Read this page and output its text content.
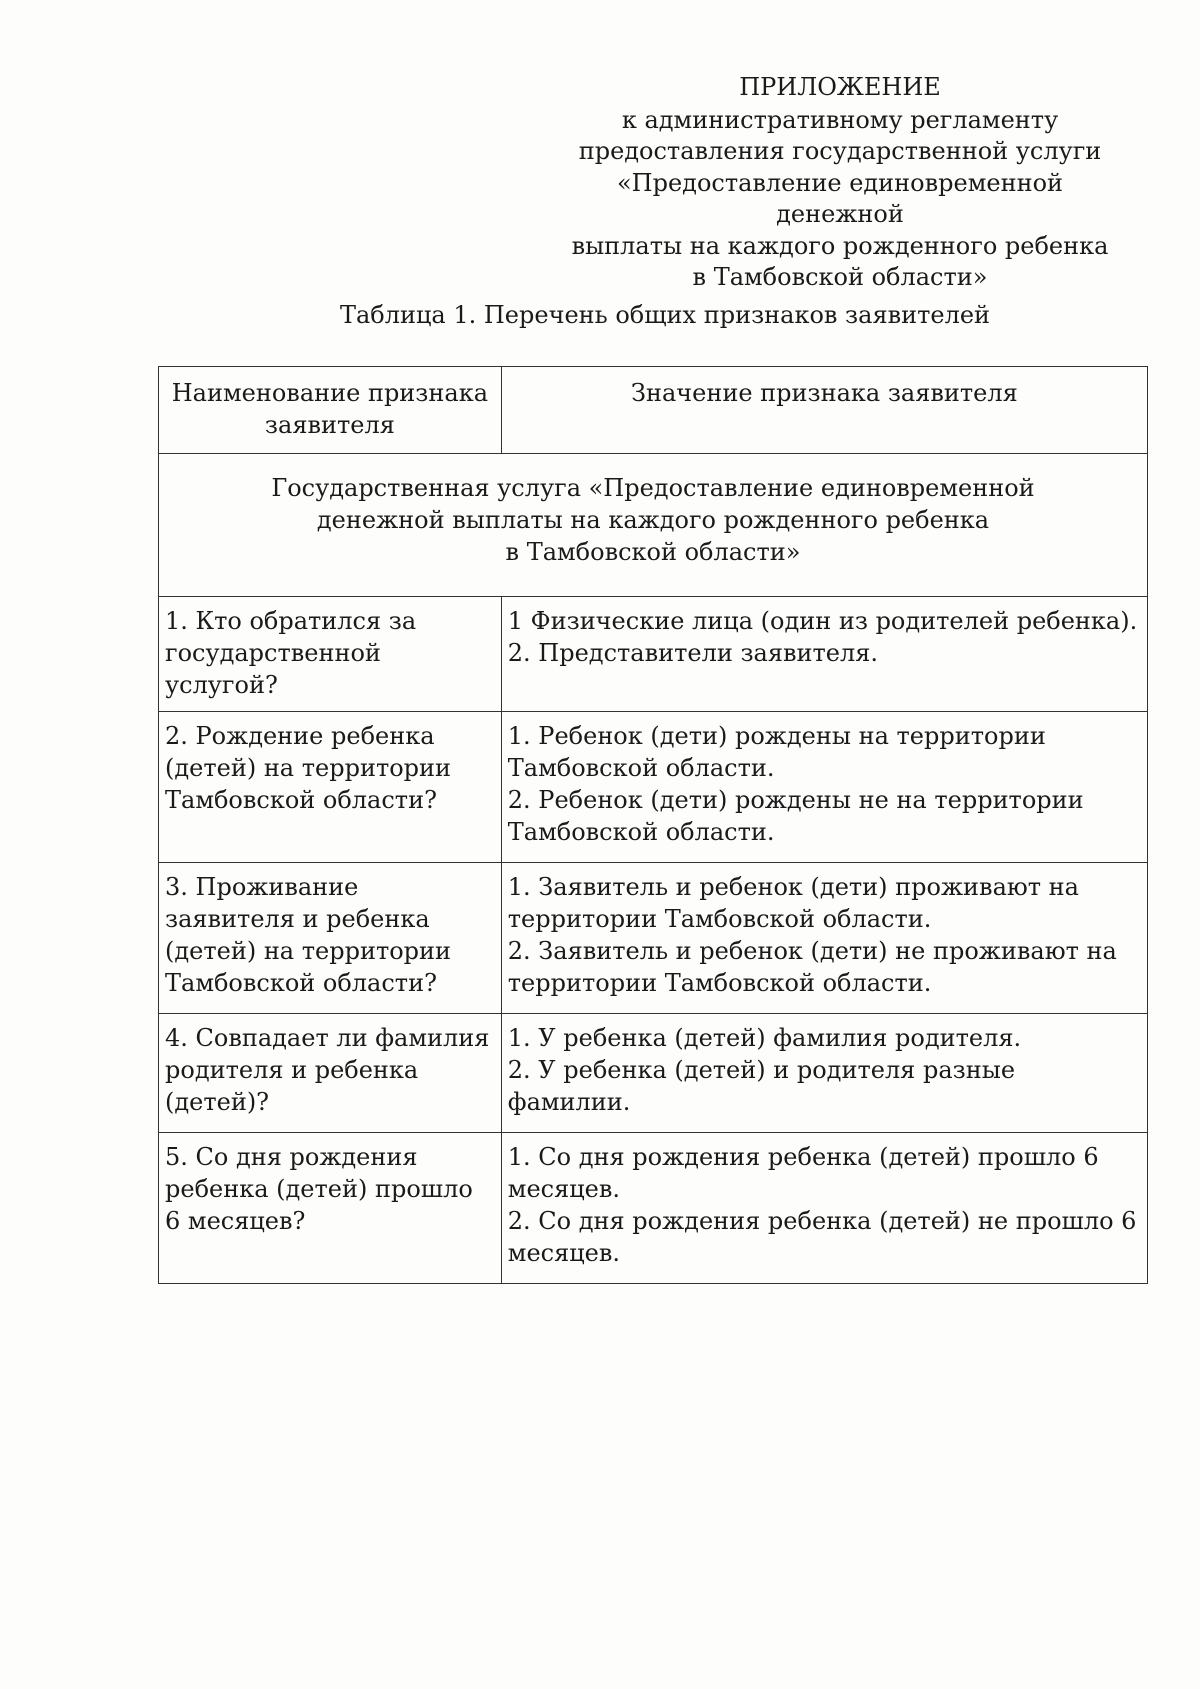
ПРИЛОЖЕНИЕ
к административному регламенту
предоставления государственной услуги
«Предоставление единовременной денежной
выплаты на каждого рожденного ребенка
в Тамбовской области»
Таблица 1. Перечень общих признаков заявителей
Наименование признака заявителя	Значение признака заявителя

Государственная услуга «Предоставление единовременной
денежной выплаты на каждого рожденного ребенка
в Тамбовской области»	

1. Кто обратился за государственной услугой?	1 Физические лица (один из родителей ребенка).
2. Представители заявителя.

2. Рождение ребенка (детей) на территории Тамбовской области?	1. Ребенок (дети) рождены на территории Тамбовской области.
2. Ребенок (дети) рождены не на территории Тамбовской области.

3. Проживание заявителя и ребенка (детей) на территории Тамбовской области?	1. Заявитель и ребенок (дети) проживают на территории Тамбовской области.
2. Заявитель и ребенок (дети) не проживают на территории Тамбовской области.

4. Совпадает ли фамилия родителя и ребенка (детей)?	1. У ребенка (детей) фамилия родителя.
2. У ребенка (детей) и родителя разные фамилии.

5. Со дня рождения ребенка (детей) прошло 6 месяцев?	1. Со дня рождения ребенка (детей) прошло 6 месяцев.
2. Со дня рождения ребенка (детей) не прошло 6 месяцев.
